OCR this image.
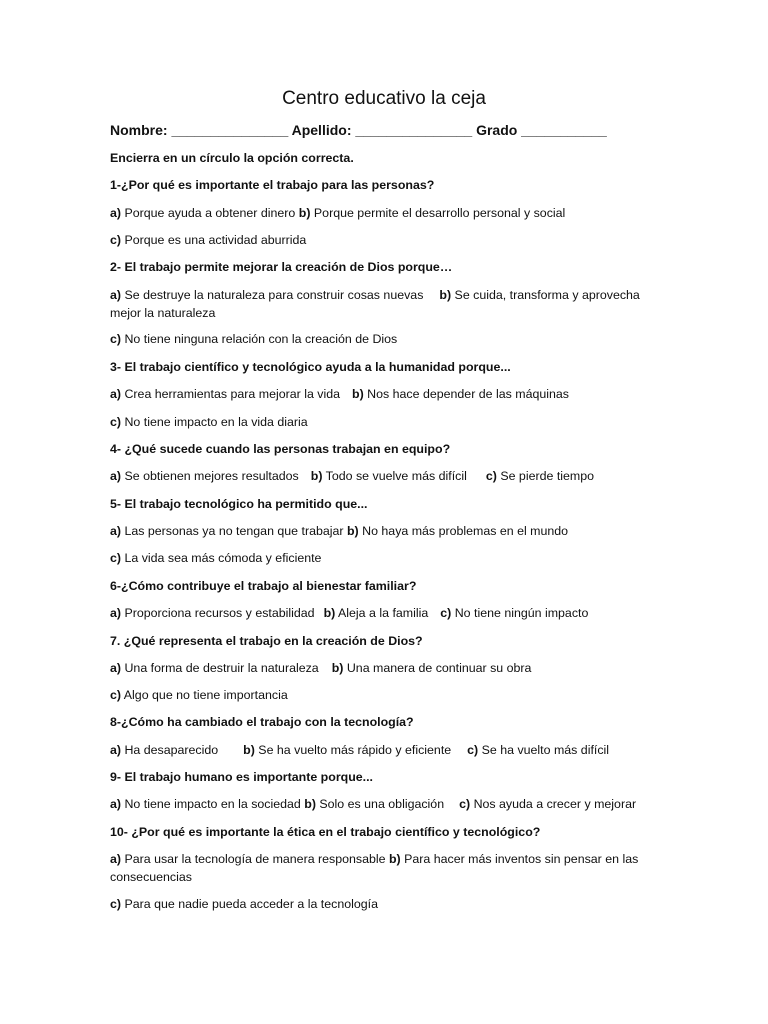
Centro educativo la ceja
Nombre: _______________ Apellido: _______________ Grado ___________
Encierra en un círculo la opción correcta.
1-¿Por qué es importante el trabajo para las personas?
a) Porque ayuda a obtener dinero b) Porque permite el desarrollo personal y social
c) Porque es una actividad aburrida
2- El trabajo permite mejorar la creación de Dios porque…
a) Se destruye la naturaleza para construir cosas nuevas b) Se cuida, transforma y aprovecha mejor la naturaleza
c) No tiene ninguna relación con la creación de Dios
3- El trabajo científico y tecnológico ayuda a la humanidad porque...
a) Crea herramientas para mejorar la vida b) Nos hace depender de las máquinas
c) No tiene impacto en la vida diaria
4- ¿Qué sucede cuando las personas trabajan en equipo?
a) Se obtienen mejores resultados b) Todo se vuelve más difícil c) Se pierde tiempo
5- El trabajo tecnológico ha permitido que...
a) Las personas ya no tengan que trabajar b) No haya más problemas en el mundo
c) La vida sea más cómoda y eficiente
6-¿Cómo contribuye el trabajo al bienestar familiar?
a) Proporciona recursos y estabilidad b) Aleja a la familia c) No tiene ningún impacto
7. ¿Qué representa el trabajo en la creación de Dios?
a) Una forma de destruir la naturaleza b) Una manera de continuar su obra
c) Algo que no tiene importancia
8-¿Cómo ha cambiado el trabajo con la tecnología?
a) Ha desaparecido b) Se ha vuelto más rápido y eficiente c) Se ha vuelto más difícil
9- El trabajo humano es importante porque...
a) No tiene impacto en la sociedad b) Solo es una obligación c) Nos ayuda a crecer y mejorar
10- ¿Por qué es importante la ética en el trabajo científico y tecnológico?
a) Para usar la tecnología de manera responsable b) Para hacer más inventos sin pensar en las consecuencias
c) Para que nadie pueda acceder a la tecnología
